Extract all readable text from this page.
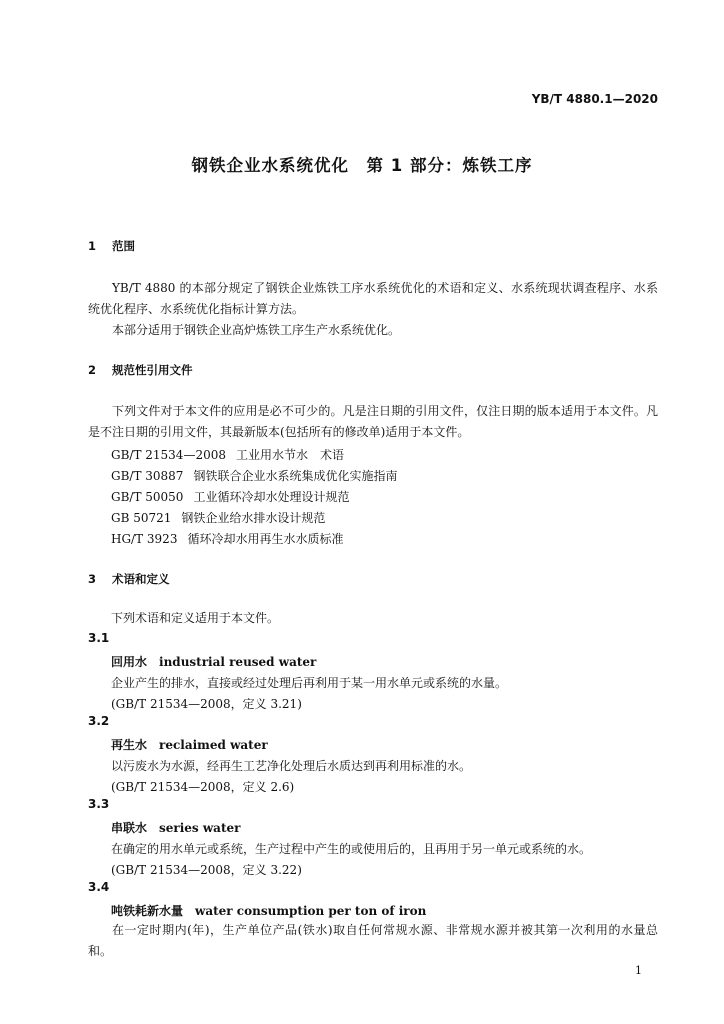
YB/T 4880.1—2020
钢铁企业水系统优化　第 1 部分：炼铁工序
1 范围

YB/T 4880 的本部分规定了钢铁企业炼铁工序水系统优化的术语和定义、水系统现状调查程序、水系统优化程序、水系统优化指标计算方法。

本部分适用于钢铁企业高炉炼铁工序生产水系统优化。

2 规范性引用文件

下列文件对于本文件的应用是必不可少的。凡是注日期的引用文件，仅注日期的版本适用于本文件。凡是不注日期的引用文件，其最新版本(包括所有的修改单)适用于本文件。

GB/T 21534—2008 工业用水节水　术语
GB/T 30887 钢铁联合企业水系统集成优化实施指南
GB/T 50050 工业循环冷却水处理设计规范
GB 50721 钢铁企业给水排水设计规范
HG/T 3923 循环冷却水用再生水水质标准
3 术语和定义
下列术语和定义适用于本文件。
3.1
回用水 industrial reused water
企业产生的排水，直接或经过处理后再利用于某一用水单元或系统的水量。
(GB/T 21534—2008，定义 3.21)
3.2
再生水 reclaimed water
以污废水为水源，经再生工艺净化处理后水质达到再利用标准的水。
(GB/T 21534—2008，定义 2.6)
3.3
串联水 series water
在确定的用水单元或系统，生产过程中产生的或使用后的，且再用于另一单元或系统的水。
(GB/T 21534—2008，定义 3.22)
3.4
吨铁耗新水量 water consumption per ton of iron

在一定时期内(年)，生产单位产品(铁水)取自任何常规水源、非常规水源并被其第一次利用的水量总和。

1
